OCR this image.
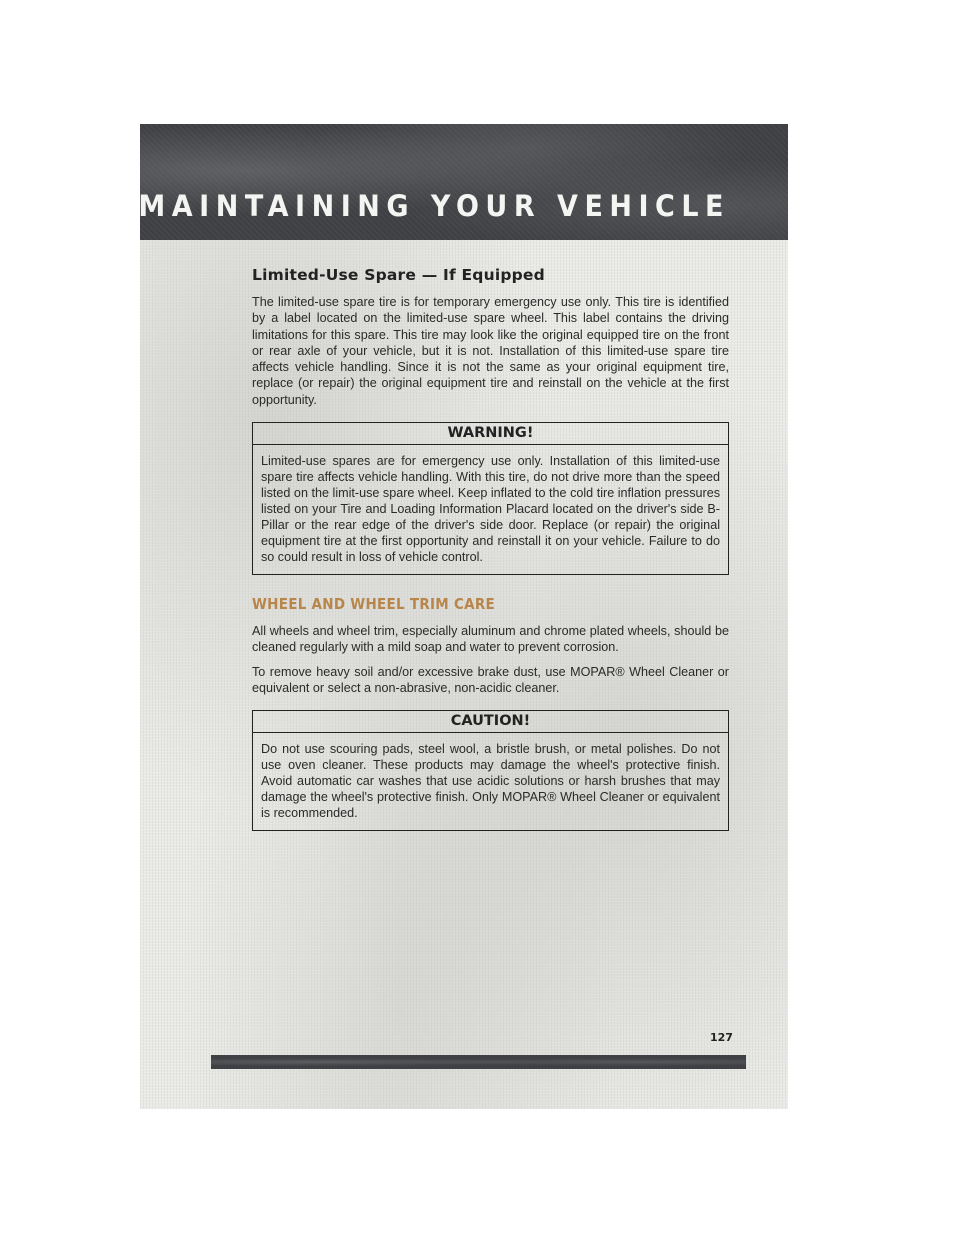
MAINTAINING YOUR VEHICLE
Limited-Use Spare — If Equipped

The limited-use spare tire is for temporary emergency use only. This tire is identified by a label located on the limited-use spare wheel. This label contains the driving limitations for this spare. This tire may look like the original equipped tire on the front or rear axle of your vehicle, but it is not. Installation of this limited-use spare tire affects vehicle handling. Since it is not the same as your original equipment tire, replace (or repair) the original equipment tire and reinstall on the vehicle at the first opportunity.

WARNING!

Limited-use spares are for emergency use only. Installation of this limited-use spare tire affects vehicle handling. With this tire, do not drive more than the speed listed on the limit-use spare wheel. Keep inflated to the cold tire inflation pressures listed on your Tire and Loading Information Placard located on the driver's side B-Pillar or the rear edge of the driver's side door. Replace (or repair) the original equipment tire at the first opportunity and reinstall it on your vehicle. Failure to do so could result in loss of vehicle control.

WHEEL AND WHEEL TRIM CARE

All wheels and wheel trim, especially aluminum and chrome plated wheels, should be cleaned regularly with a mild soap and water to prevent corrosion.

To remove heavy soil and/or excessive brake dust, use MOPAR® Wheel Cleaner or equivalent or select a non-abrasive, non-acidic cleaner.

CAUTION!

Do not use scouring pads, steel wool, a bristle brush, or metal polishes. Do not use oven cleaner. These products may damage the wheel's protective finish. Avoid automatic car washes that use acidic solutions or harsh brushes that may damage the wheel's protective finish. Only MOPAR® Wheel Cleaner or equivalent is recommended.

127
